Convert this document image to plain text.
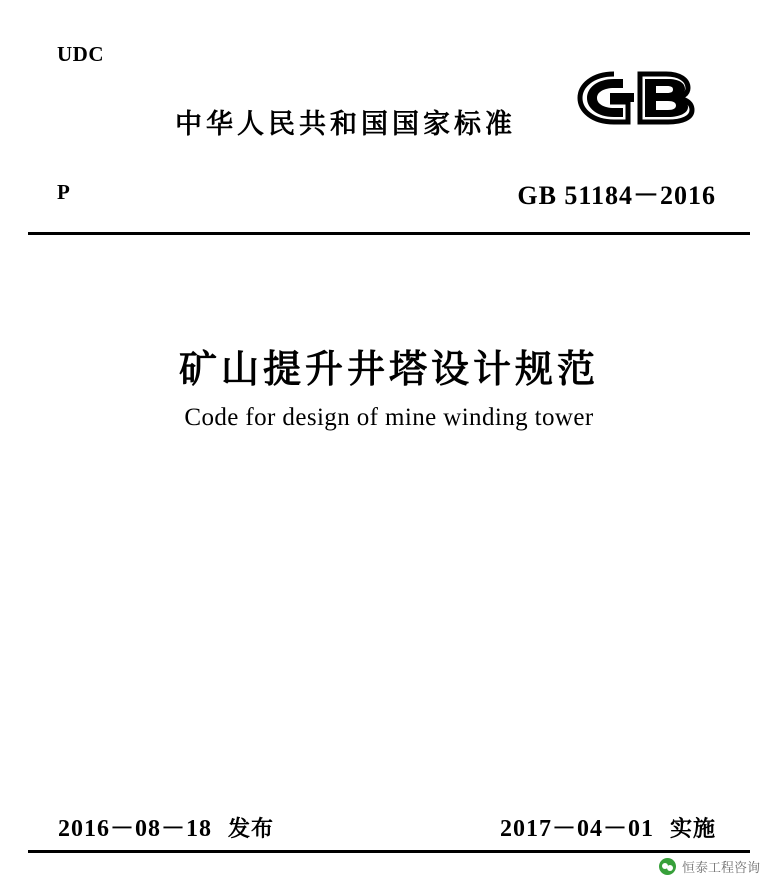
UDC
中华人民共和国国家标准
P	GB 51184－2016
矿山提升井塔设计规范
Code for design of mine winding tower
2016－08－18 发布	2017－04－01 实施
恒泰工程咨询
